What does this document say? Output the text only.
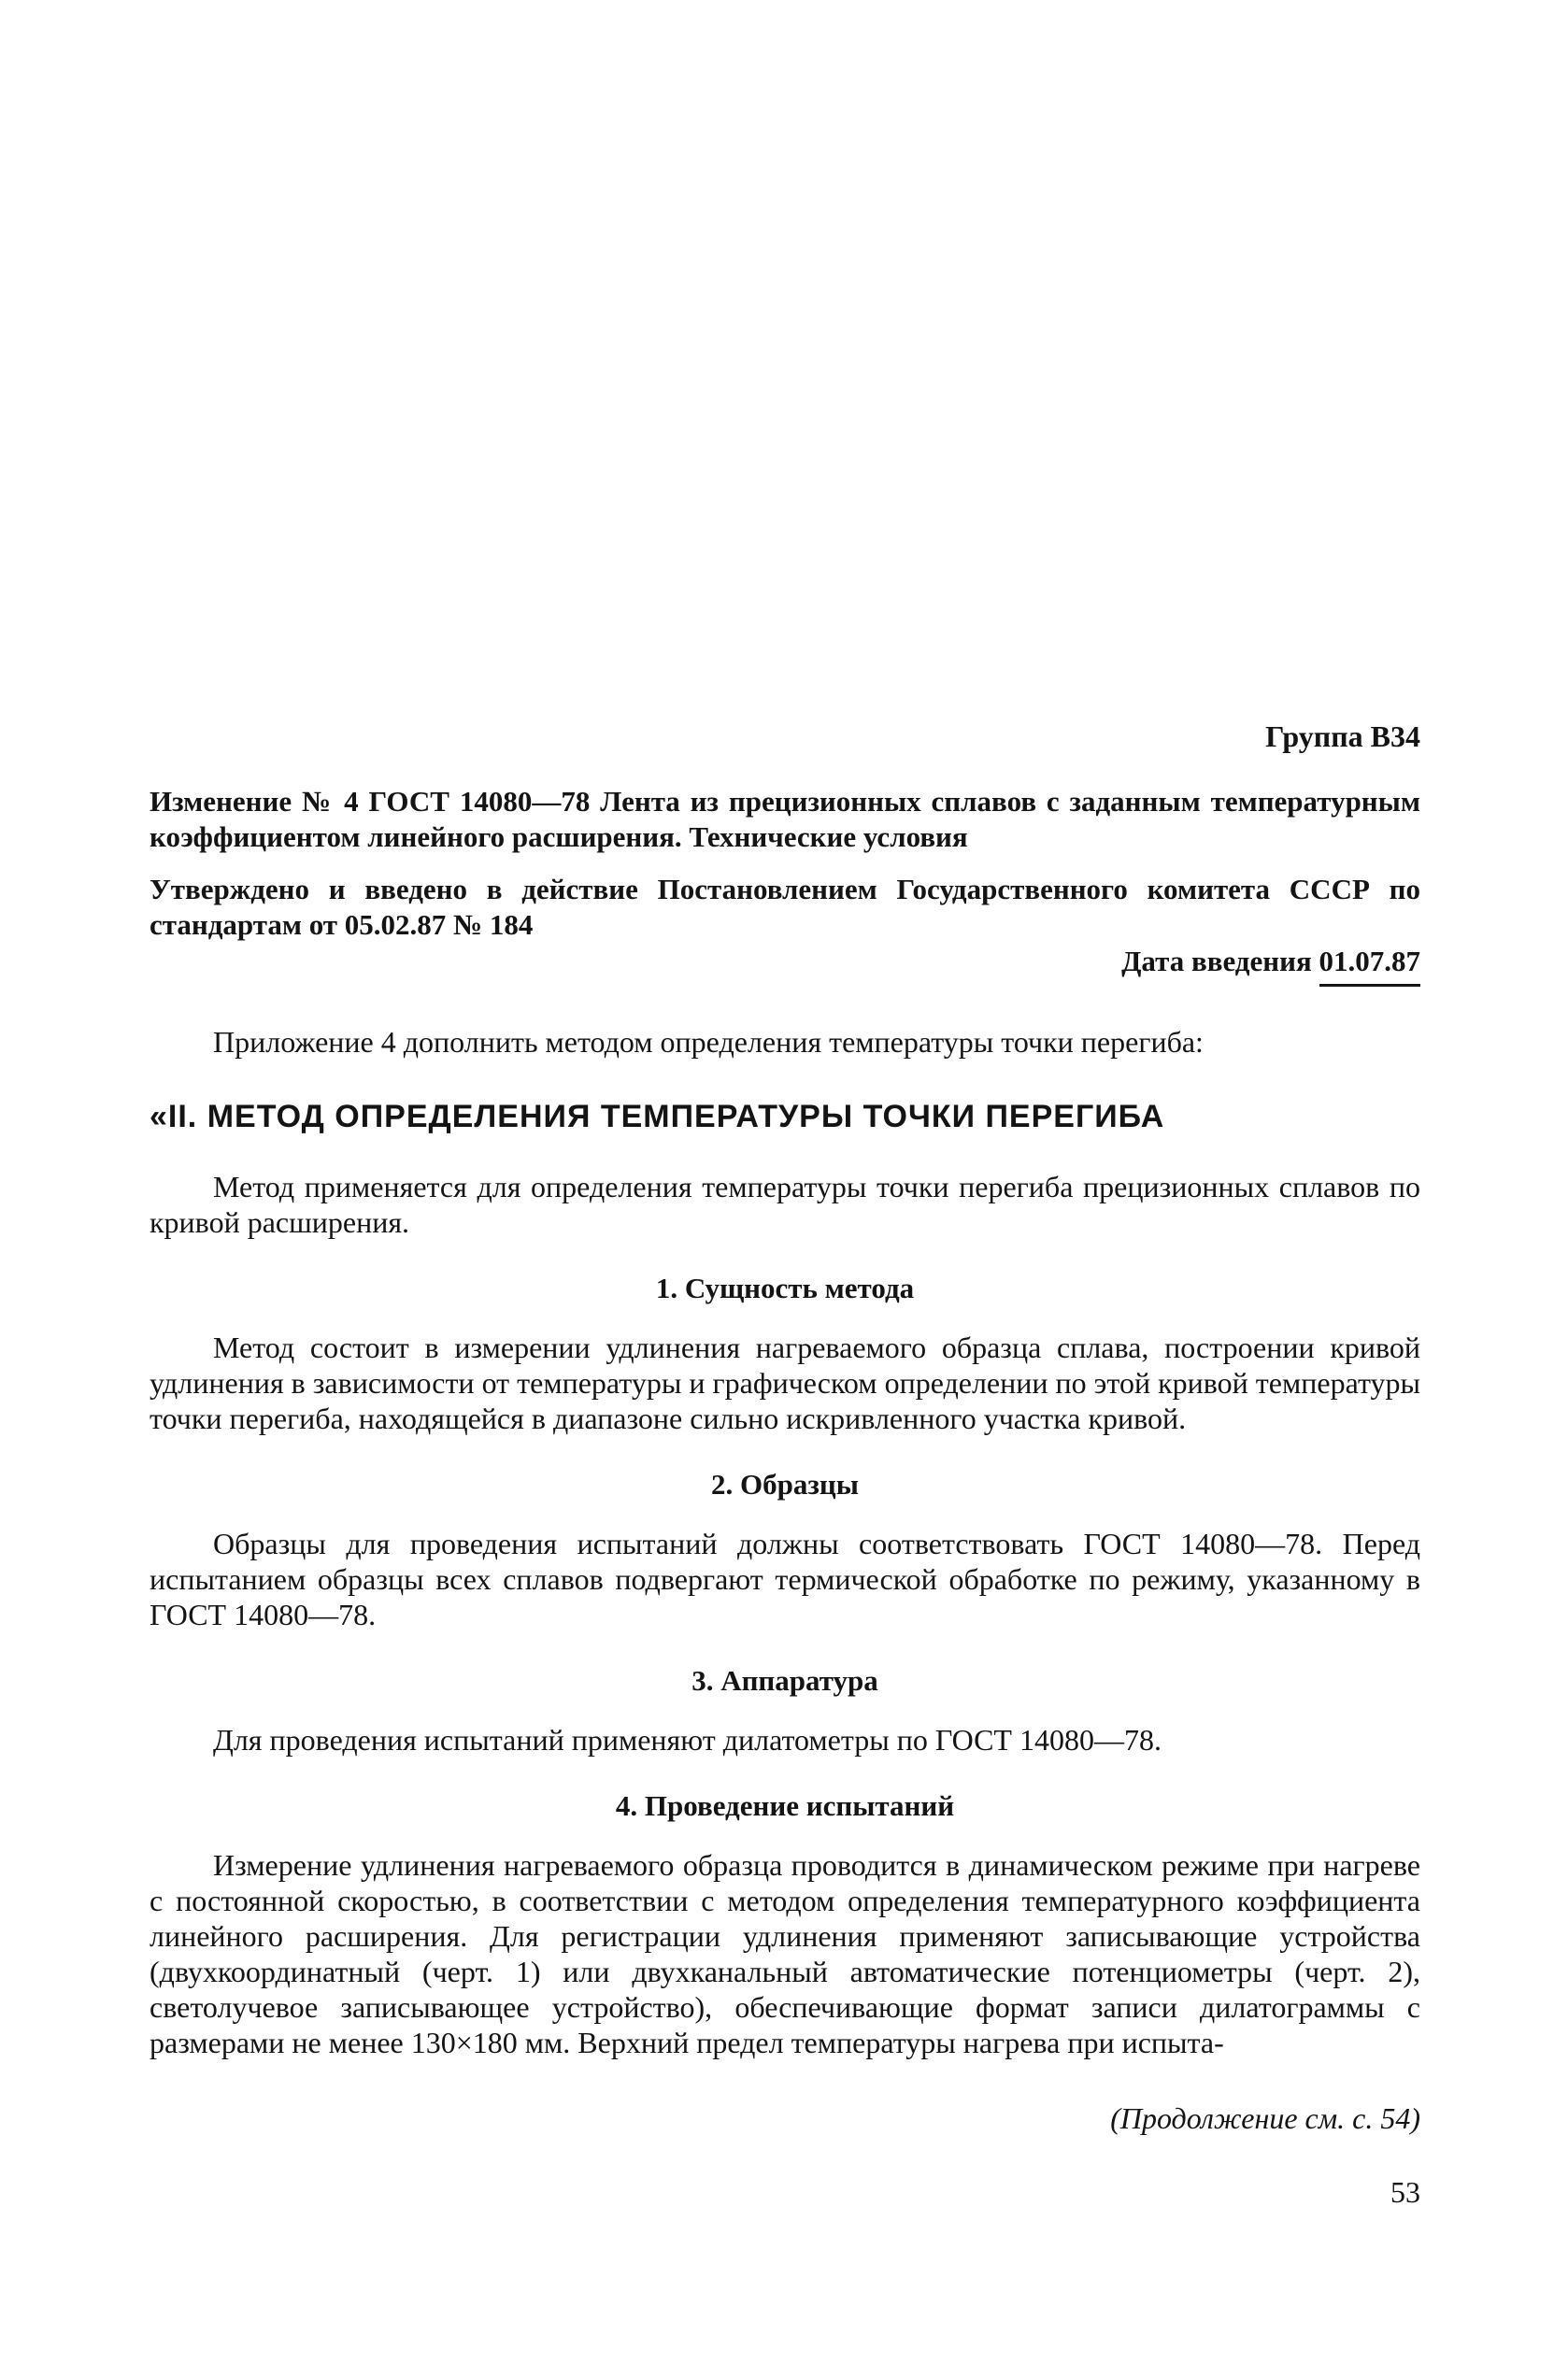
Группа В34
Изменение № 4 ГОСТ 14080—78 Лента из прецизионных сплавов с заданным температурным коэффициентом линейного расширения. Технические условия
Утверждено и введено в действие Постановлением Государственного комитета СССР по стандартам от 05.02.87 № 184
Дата введения 01.07.87

Приложение 4 дополнить методом определения температуры точки перегиба:

«II. МЕТОД ОПРЕДЕЛЕНИЯ ТЕМПЕРАТУРЫ ТОЧКИ ПЕРЕГИБА

Метод применяется для определения температуры точки перегиба прецизионных сплавов по кривой расширения.

1. Сущность метода

Метод состоит в измерении удлинения нагреваемого образца сплава, построении кривой удлинения в зависимости от температуры и графическом определении по этой кривой температуры точки перегиба, находящейся в диапазоне сильно искривленного участка кривой.

2. Образцы

Образцы для проведения испытаний должны соответствовать ГОСТ 14080—78. Перед испытанием образцы всех сплавов подвергают термической обработке по режиму, указанному в ГОСТ 14080—78.

3. Аппаратура

Для проведения испытаний применяют дилатометры по ГОСТ 14080—78.

4. Проведение испытаний

Измерение удлинения нагреваемого образца проводится в динамическом режиме при нагреве с постоянной скоростью, в соответствии с методом определения температурного коэффициента линейного расширения. Для регистрации удлинения применяют записывающие устройства (двухкоординатный (черт. 1) или двухканальный автоматические потенциометры (черт. 2), светолучевое записывающее устройство), обеспечивающие формат записи дилатограммы с размерами не менее 130×180 мм. Верхний предел температуры нагрева при испыта-

(Продолжение см. с. 54)
53
